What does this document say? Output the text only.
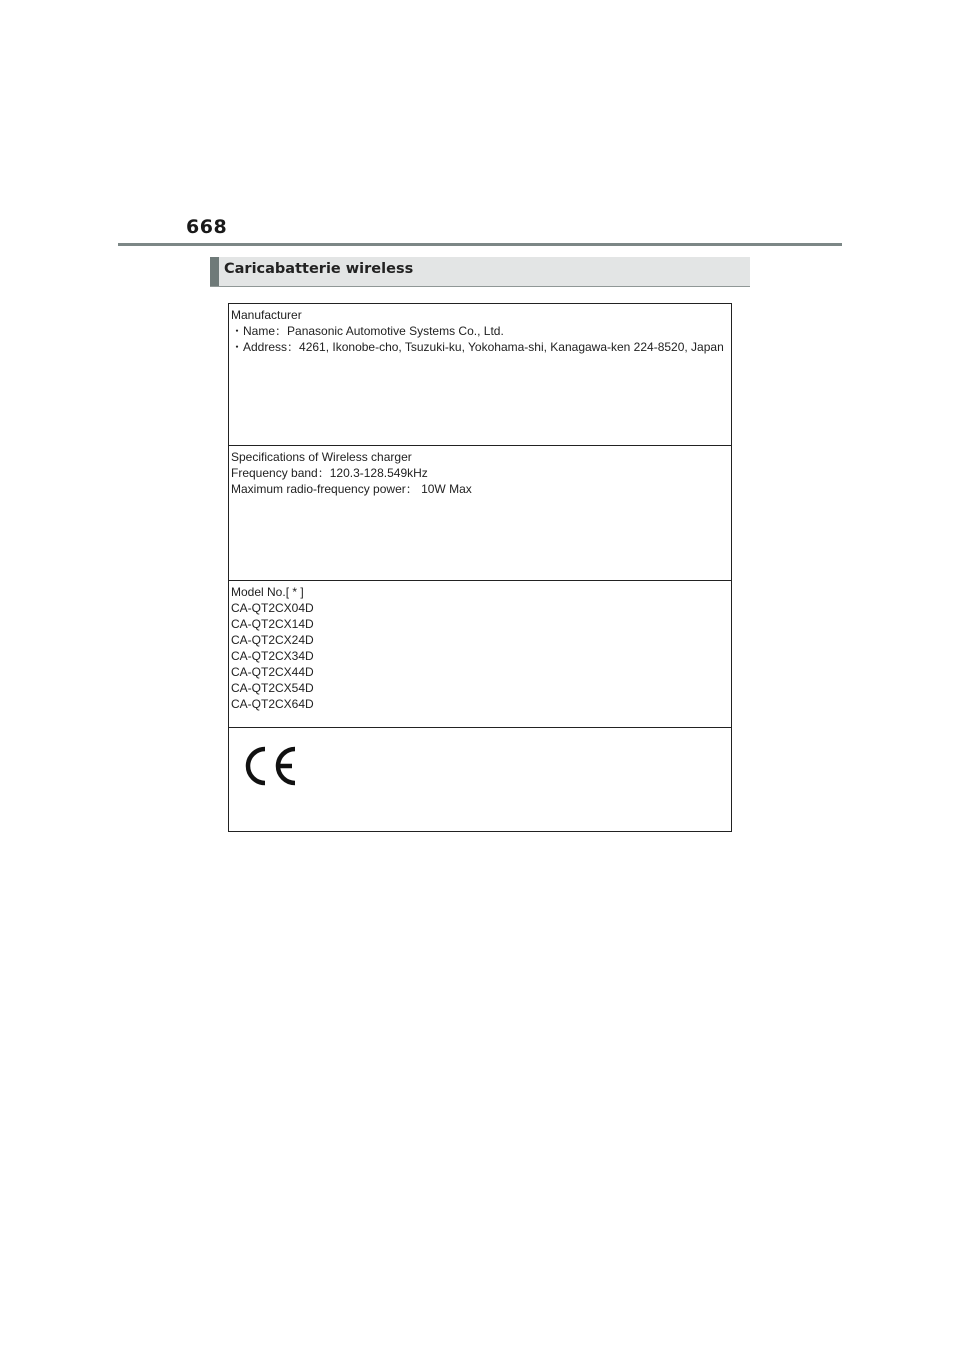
668
Caricabatterie wireless
Manufacturer
・Name：Panasonic Automotive Systems Co., Ltd.
・Address：4261, Ikonobe-cho, Tsuzuki-ku, Yokohama-shi, Kanagawa-ken 224-8520, Japan
Specifications of Wireless charger
Frequency band：120.3-128.549kHz
Maximum radio-frequency power： 10W Max
Model No.[ * ]
CA-QT2CX04D
CA-QT2CX14D
CA-QT2CX24D
CA-QT2CX34D
CA-QT2CX44D
CA-QT2CX54D
CA-QT2CX64D
